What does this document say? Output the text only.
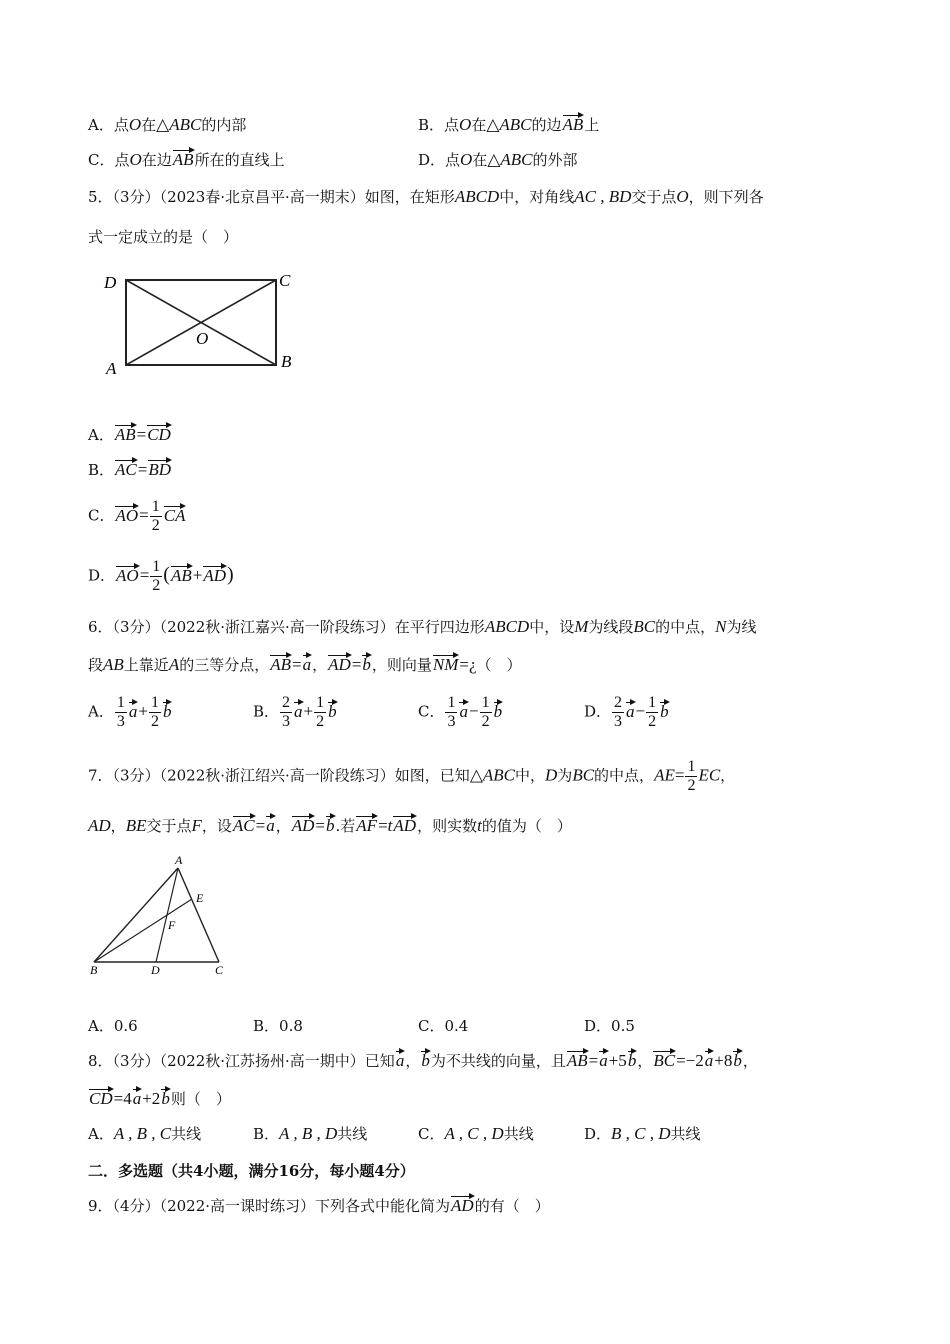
A．点O在△ABC的内部	B．点O在△ABC的边AB上
C．点O在边AB所在的直线上	D．点O在△ABC的外部
5．（3分）（2023春·北京昌平·高一期末）如图，在矩形ABCD中，对角线AC , BD交于点O，则下列各
式一定成立的是（　）
D	C
A	B
O
A．AB=CD
B．AC=BD
C．$AO= \frac{1}{2}$ CA
D．$AO= \frac{1}{2} (AB+AD)$
6．（3分）（2022秋·浙江嘉兴·高一阶段练习）在平行四边形ABCD中，设M为线段BC的中点，N为线
段AB上靠近A的三等分点，AB=a，AD=b，则向量NM=¿（　）
A． $\frac{1}{3} a+ \frac{1}{2}$ b	B． $\frac{2}{3} a+ \frac{1}{2}$ b	C． $\frac{1}{3} a- \frac{1}{2}$ b	D． $\frac{2}{3} a- \frac{1}{2}$ b
7．（3分）（2022秋·浙江绍兴·高一阶段练习）如图，已知△ABC中，D为BC的中点，$AE= \frac{1}{2}$ EC，
AD，BE交于点F，设AC=a，AD=b.若AF=tAD，则实数t的值为（　）
A
E
F
B	D	C
A．0.6	B．0.8	C．0.4	D．0.5
8．（3分）（2022秋·江苏扬州·高一期中）已知a，b为不共线的向量，且AB=a+5b，BC=−2a+8b，
CD=4a+2b则（　）
A．A , B , C共线	B．A , B , D共线	C．A , C , D共线	D．B , C , D共线
二．多选题（共4小题，满分16分，每小题4分）
9．（4分）（2022·高一课时练习）下列各式中能化简为AD的有（　）
